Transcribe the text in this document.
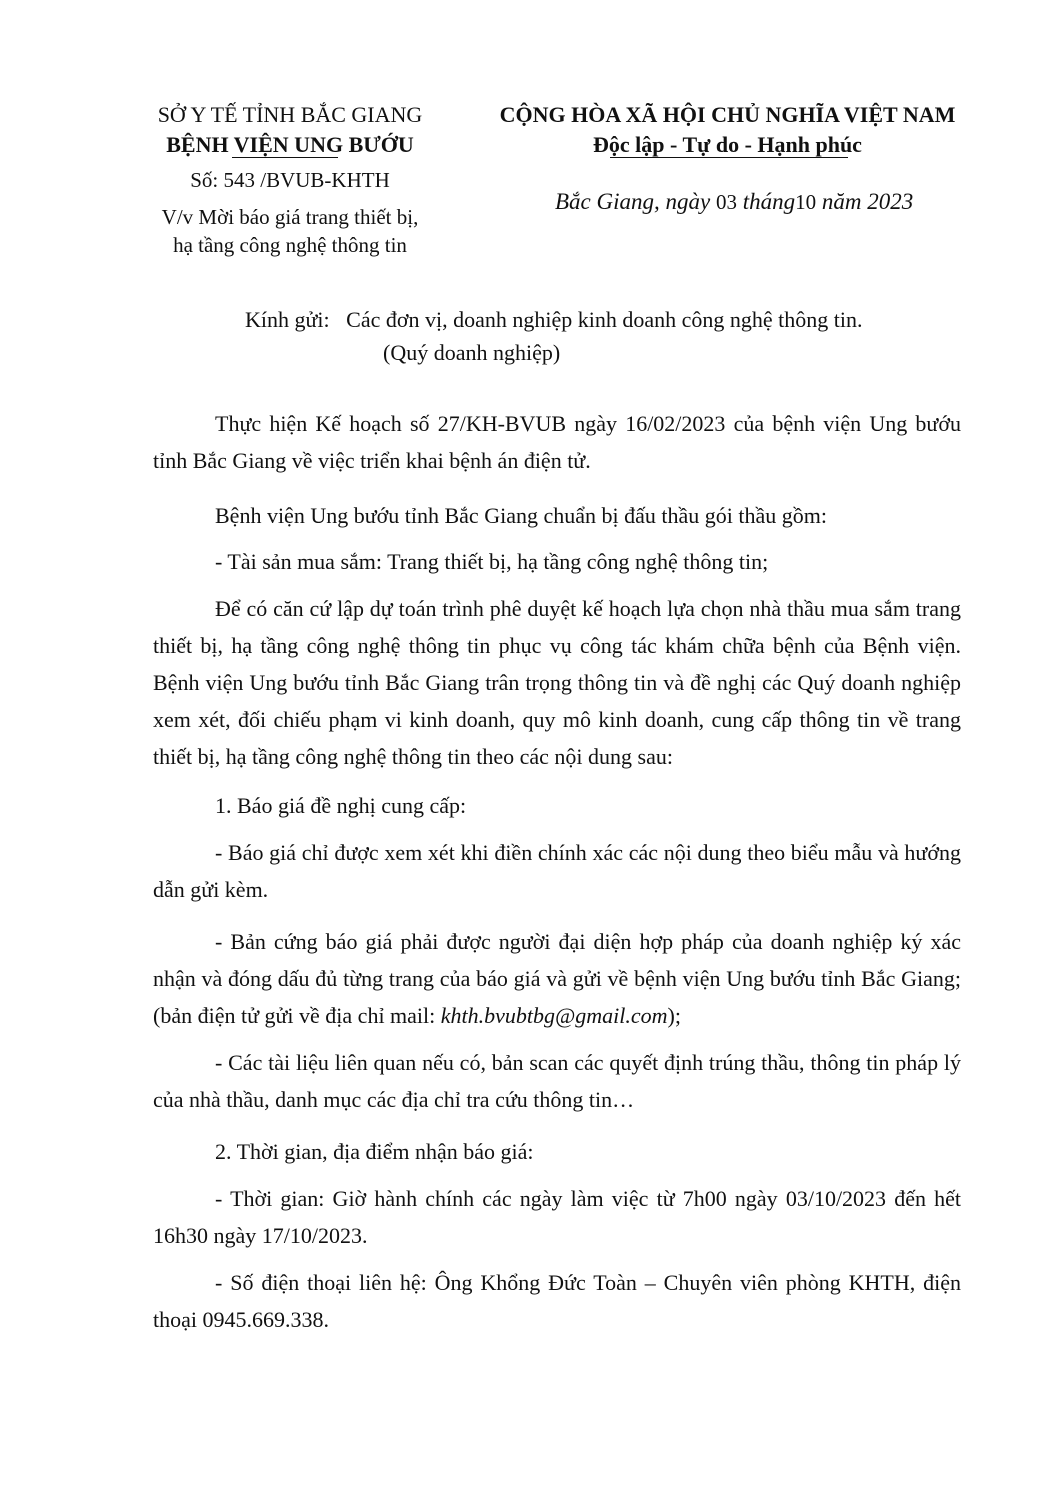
SỞ Y TẾ TỈNH BẮC GIANG
BỆNH VIỆN UNG BƯỚU
Số: 543 /BVUB-KHTH
V/v Mời báo giá trang thiết bị,
hạ tầng công nghệ thông tin
CỘNG HÒA XÃ HỘI CHỦ NGHĨA VIỆT NAM
Độc lập - Tự do - Hạnh phúc
Bắc Giang, ngày 03 tháng10 năm 2023
Kính gửi: Các đơn vị, doanh nghiệp kinh doanh công nghệ thông tin.
(Quý doanh nghiệp)
Thực hiện Kế hoạch số 27/KH-BVUB ngày 16/02/2023 của bệnh viện Ung bướu tỉnh Bắc Giang về việc triển khai bệnh án điện tử.
Bệnh viện Ung bướu tỉnh Bắc Giang chuẩn bị đấu thầu gói thầu gồm:
- Tài sản mua sắm: Trang thiết bị, hạ tầng công nghệ thông tin;
Để có căn cứ lập dự toán trình phê duyệt kế hoạch lựa chọn nhà thầu mua sắm trang thiết bị, hạ tầng công nghệ thông tin phục vụ công tác khám chữa bệnh của Bệnh viện. Bệnh viện Ung bướu tỉnh Bắc Giang trân trọng thông tin và đề nghị các Quý doanh nghiệp xem xét, đối chiếu phạm vi kinh doanh, quy mô kinh doanh, cung cấp thông tin về trang thiết bị, hạ tầng công nghệ thông tin theo các nội dung sau:
1. Báo giá đề nghị cung cấp:
- Báo giá chỉ được xem xét khi điền chính xác các nội dung theo biểu mẫu và hướng dẫn gửi kèm.
- Bản cứng báo giá phải được người đại diện hợp pháp của doanh nghiệp ký xác nhận và đóng dấu đủ từng trang của báo giá và gửi về bệnh viện Ung bướu tỉnh Bắc Giang; (bản điện tử gửi về địa chỉ mail: khth.bvubtbg@gmail.com);
- Các tài liệu liên quan nếu có, bản scan các quyết định trúng thầu, thông tin pháp lý của nhà thầu, danh mục các địa chỉ tra cứu thông tin…
2. Thời gian, địa điểm nhận báo giá:
- Thời gian: Giờ hành chính các ngày làm việc từ 7h00 ngày 03/10/2023 đến hết 16h30 ngày 17/10/2023.
- Số điện thoại liên hệ: Ông Khổng Đức Toàn – Chuyên viên phòng KHTH, điện thoại 0945.669.338.
